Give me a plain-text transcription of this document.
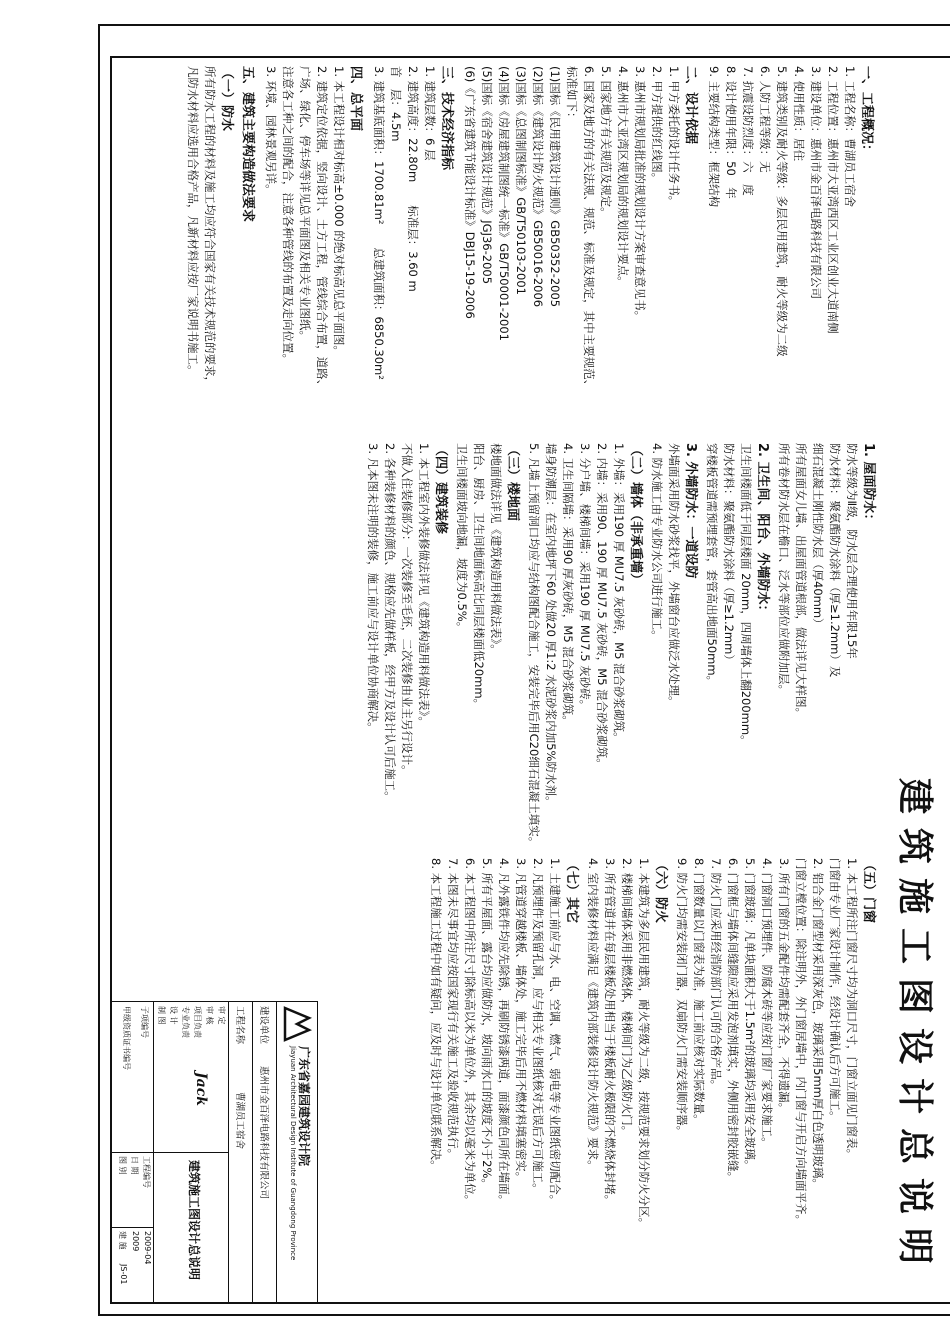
建筑施工图设计总说明

一、工程概况：

1. 工程名称：曹湖员工宿舍

2. 工程位置：惠州市大亚湾西区工业区创业大道南侧

3. 建设单位：惠州市金百泽电路科技有限公司

4. 使用性质：居住

5. 建筑类别及耐火等级：多层民用建筑，耐火等级为二级

6. 人防工程等级：无

7. 抗震设防烈度：六　度

8. 设计使用年限：50　年

9. 主要结构类型：框架结构

二、设计依据

1. 甲方委托的设计任务书。

2. 甲方提供的红线图。

3. 惠州市规划局批准的规划设计方案审查意见书。

4. 惠州市大亚湾区规划局的规划设计要点。

5. 国家地方有关规范及规定。

6. 国家及地方的有关法规、规范、标准及规定，其中主要规范、

标准如下：

(1)国标《民用建筑设计通则》GB50352-2005

(2)国标《建筑设计防火规范》GB50016-2006

(3)国标《总图制图标准》GB/T50103-2001

(4)国标《房屋建筑制图统一标准》GB/T50001-2001

(5)国标《宿舍建筑设计规范》JGJ36-2005

(6)《广东省建筑节能设计标准》DBJ15-19-2006

三、技术经济指标

1. 建筑层数：6 层

2. 建筑高度：22.80m　　标准层：3.60 m

首　层：4.5m

3. 建筑基底面积：1700.81m²　　总建筑面积：6850.30m²

四、总平面

1. 本工程设计相对标高±0.000 的绝对标高见总平面图。

2. 建筑定位依据，竖向设计、土方工程，管线综合布置，道路、

广场、绿化、停车场等详见总平面图及相关专业图纸。

注意各工种之间的配合，注意各种管线的布置及走向位置。

3. 环境、园林景观另详。

五、建筑主要构造做法要求

（一）防水

所有防水工程的材料及施工均应符合国家有关技术规范的要求，

凡防水材料应选用合格产品，凡新材料应按厂家说明书施工。

1. 屋面防水：

防水等级为Ⅱ级，防水层合理使用年限15年

防水材料：聚氨酯防水涂料（厚≥1.2mm）及

细石混凝土刚性防水层（厚40mm）

所有屋面女儿墙、出屋面管道根部，做法详见大样图。

所有卷材防水层在檐口、泛水等部位应做附加层。

2. 卫生间、阳台、外墙防水：

卫生间楼面低于同层楼面 20mm，四周墙体上翻200mm。

防水材料：聚氨酯防水涂料（厚≥1.2mm）

穿楼板管道需预埋套管，套管高出地面50mm。

3. 外墙防水：一道设防

外墙面采用防水砂浆找平，外墙窗台应做泛水处理。

4. 防水施工由专业防水公司进行施工。

（二）墙体（非承重墙）

1. 外墙：采用190 厚 MU7.5 灰砂砖，M5 混合砂浆砌筑。

2. 内墙：采用90、190 厚 MU7.5 灰砂砖，M5 混合砂浆砌筑。

3. 分户墙、楼梯间墙：采用190 厚 MU7.5 灰砂砖。

4. 卫生间隔墙：采用90 厚灰砂砖，M5 混合砂浆砌筑。

墙身防潮层：在室内地坪下60 处做20 厚1:2 水泥砂浆内加5%防水剂。

5. 凡墙上预留洞口均应与结构图配合施工，安装完毕后用C20细石混凝土填实。

（三）楼地面

楼地面做法详见《建筑构造用料做法表》。

阳台、厨房、卫生间地面标高比同层楼面低20mm。

卫生间楼面坡向地漏，坡度为0.5%。

（四）建筑装修

1. 本工程室内外装修做法详见《建筑构造用料做法表》。

不做入住装修部分：一次装修至毛坯，二次装修由业主另行设计。

2. 各种装修材料的颜色、规格应先做样板，经甲方及设计认可后施工。

3. 凡本图未注明的装修，施工前应与设计单位协商解决。

（五）门窗

1. 本工程所注门窗尺寸均为洞口尺寸，门窗立面见门窗表。

门窗由专业厂家设计制作，经设计确认后方可施工。

2. 铝合金门窗型材采用深灰色，玻璃采用5mm厚白色透明玻璃。

门窗立樘位置：除注明外，外门窗居墙中，内门窗与开启方向墙面平齐。

3. 所有门窗的五金配件均需配套齐全，不得遗漏。

4. 门窗洞口预埋件、防腐木砖等应按门窗厂家要求施工。

5. 门窗玻璃：凡单块面积大于1.5m²的玻璃均采用安全玻璃。

6. 门窗框与墙体间缝隙应采用发泡剂填实，外侧用密封胶嵌缝。

7. 防火门应采用经消防部门认可的合格产品。

8. 门窗数量以门窗表为准，施工前应核对实际数量。

9. 防火门均需安装闭门器，双扇防火门需安装顺序器。

（六）防火

1. 本建筑为多层民用建筑，耐火等级为二级，按规范要求划分防火分区。

2. 楼梯间墙体采用非燃烧体，楼梯间门为乙级防火门。

3. 所有管道井在每层楼板处用相当于楼板耐火极限的不燃烧体封堵。

4. 室内装修材料应满足《建筑内部装修设计防火规范》要求。

（七）其它

1. 土建施工前应与水、电、空调、燃气、弱电等专业图纸密切配合。

2. 凡预埋件及预留孔洞，应与相关专业图纸核对无误后方可施工。

3. 凡管道穿越楼板、墙体处，施工完毕后用不燃材料填塞密实。

4. 凡外露铁件均应先除锈，再刷防锈漆两道，面漆颜色同所在墙面。

5. 所有平屋面、露台均应做防水，坡向雨水口的坡度不小于2%。

6. 本工程图中所注尺寸除标高以米为单位外，其余均以毫米为单位。

7. 本图未尽事宜均应按国家现行有关施工及验收规范执行。

8. 本工程施工过程中如有疑问，应及时与设计单位联系解决。

广东省嘉园建筑设计院
Jiayuan Architectural Design Institute of Guangdong Province
建设单位
惠州市金百泽电路科技有限公司
工程名称
曹湖员工宿舍
审 定
审 核
项目负责
专业负责
设 计
制 图
Jack
建筑施工图设计总说明
子项编号
甲级资质证书编号
工程编号
日 期
图 别
2009-04
2009
建 施
JS-01
